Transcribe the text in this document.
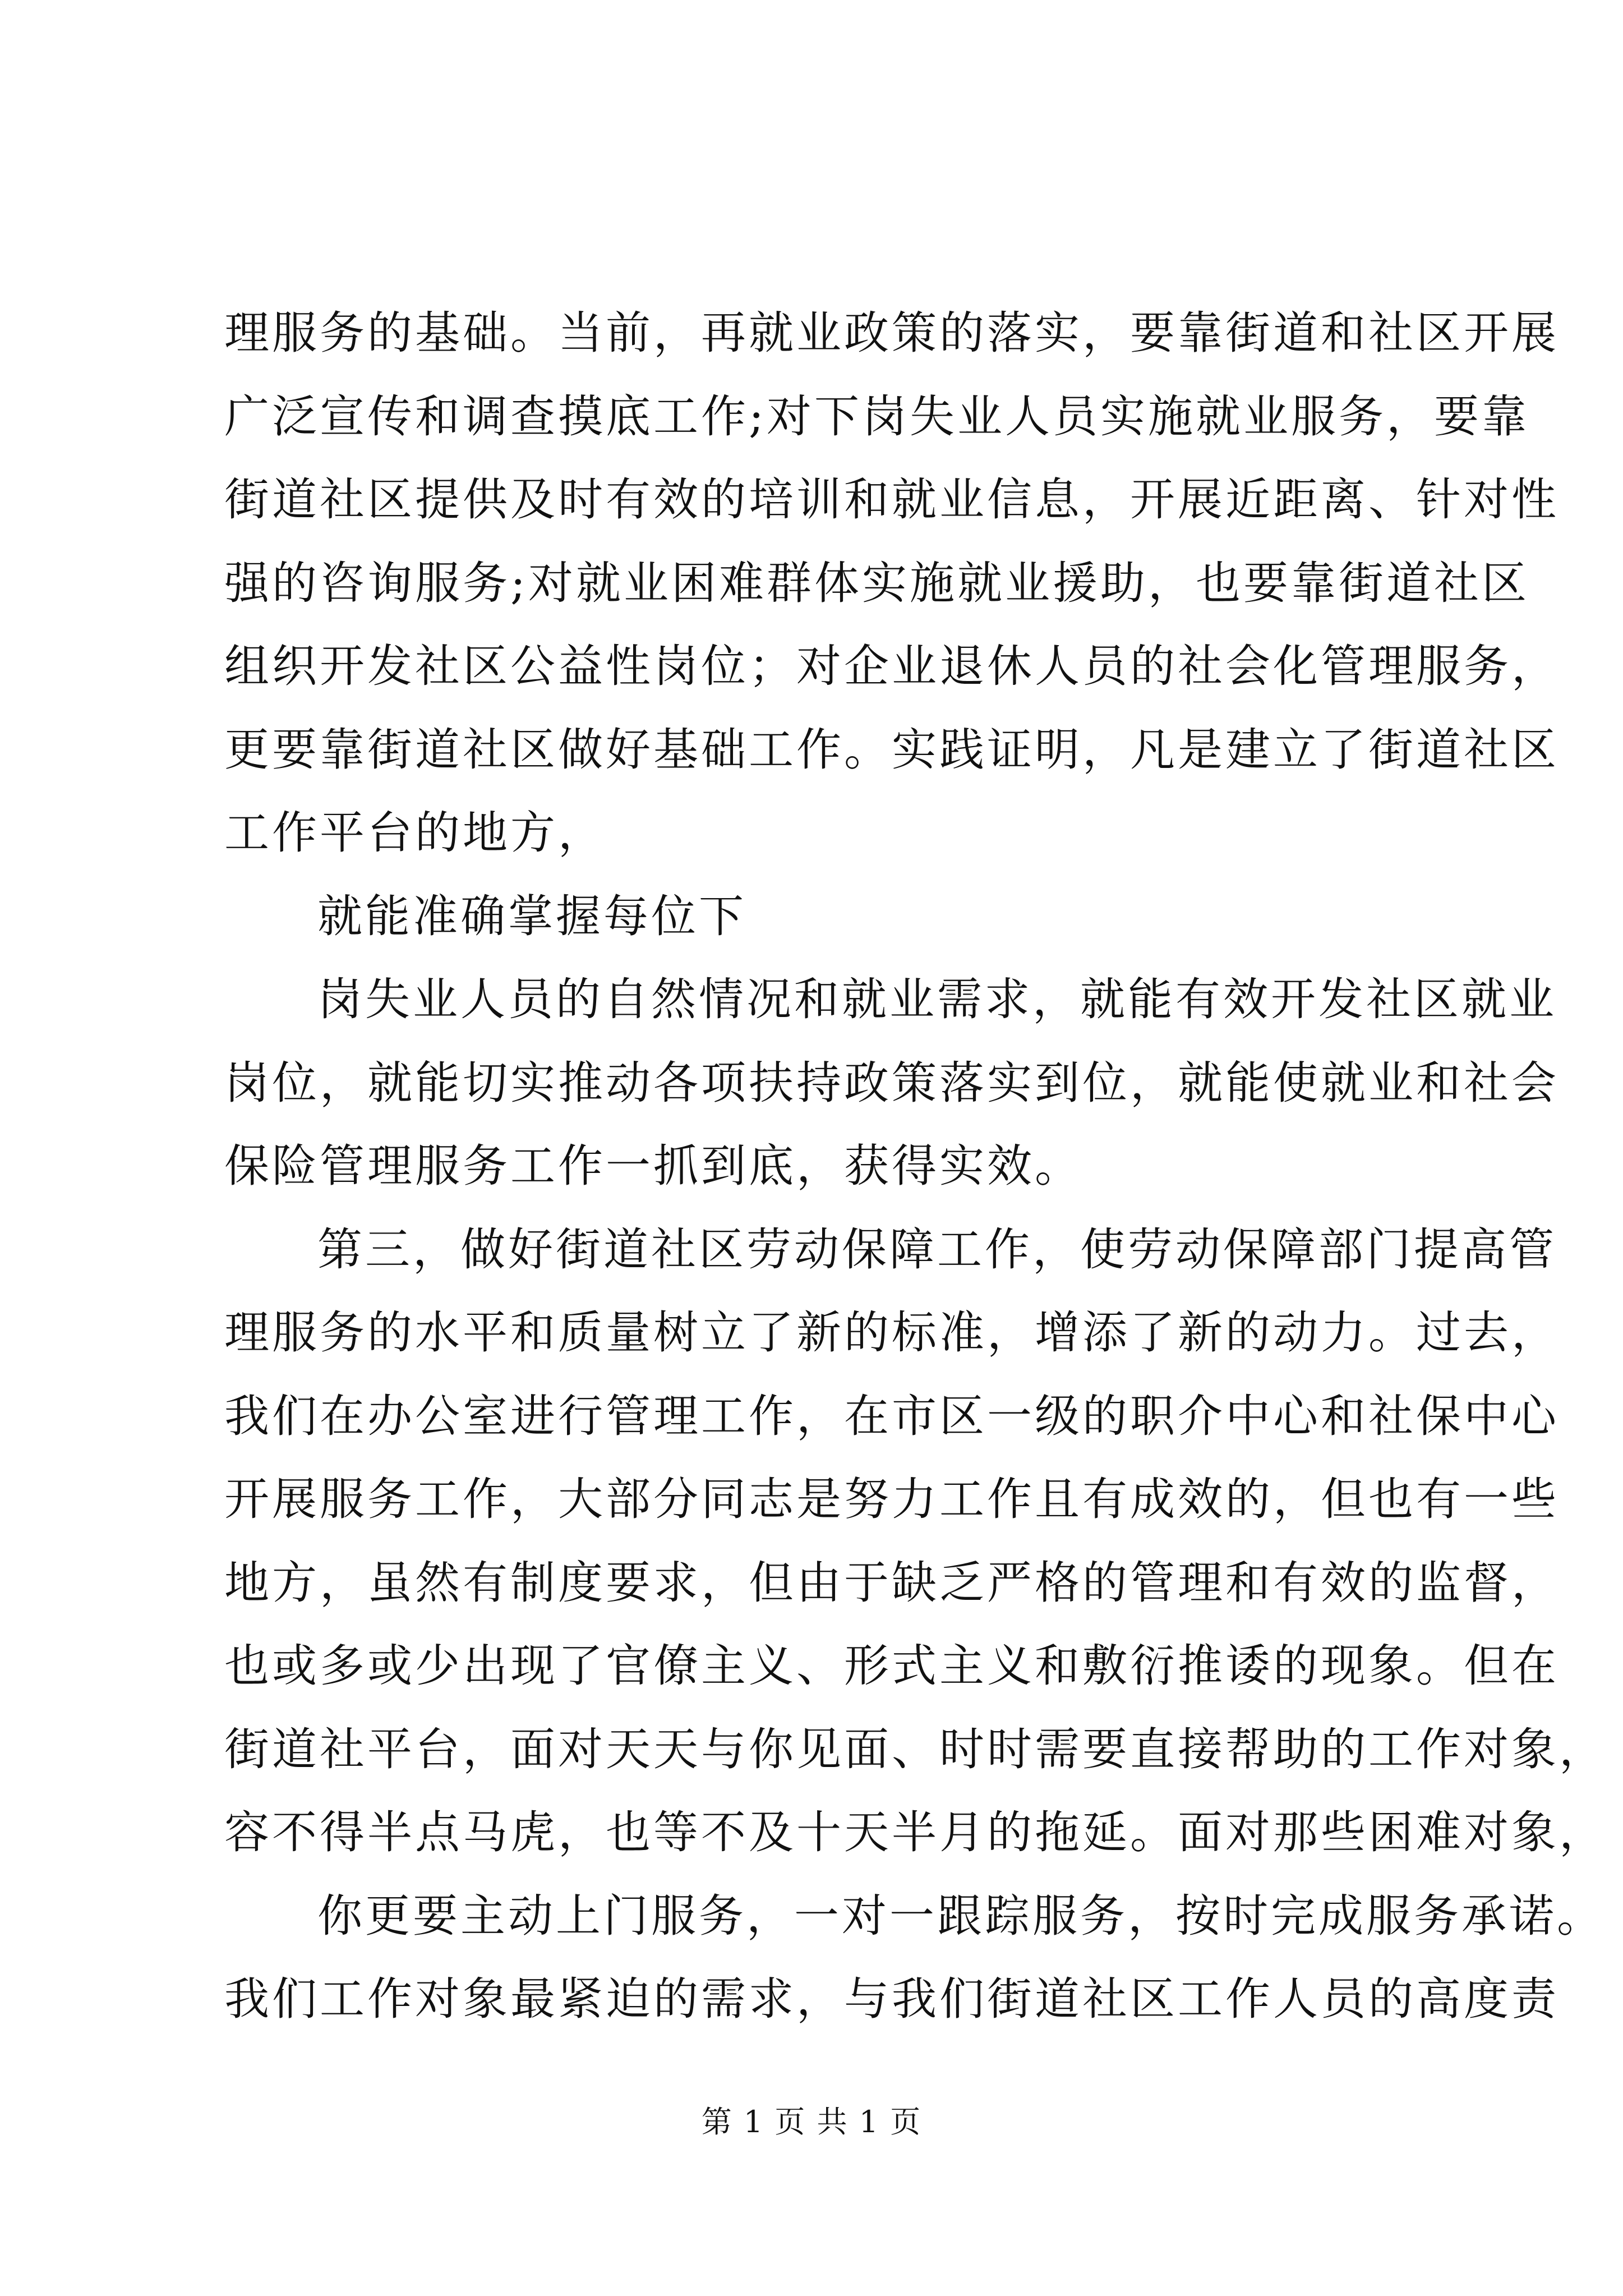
理服务的基础。当前，再就业政策的落实，要靠街道和社区开展
广泛宣传和调查摸底工作;对下岗失业人员实施就业服务，要靠
街道社区提供及时有效的培训和就业信息，开展近距离、针对性
强的咨询服务;对就业困难群体实施就业援助，也要靠街道社区
组织开发社区公益性岗位；对企业退休人员的社会化管理服务，
更要靠街道社区做好基础工作。实践证明，凡是建立了街道社区
工作平台的地方，
就能准确掌握每位下
岗失业人员的自然情况和就业需求，就能有效开发社区就业
岗位，就能切实推动各项扶持政策落实到位，就能使就业和社会
保险管理服务工作一抓到底，获得实效。
第三，做好街道社区劳动保障工作，使劳动保障部门提高管
理服务的水平和质量树立了新的标准，增添了新的动力。过去，
我们在办公室进行管理工作，在市区一级的职介中心和社保中心
开展服务工作，大部分同志是努力工作且有成效的，但也有一些
地方，虽然有制度要求，但由于缺乏严格的管理和有效的监督，
也或多或少出现了官僚主义、形式主义和敷衍推诿的现象。但在
街道社平台，面对天天与你见面、时时需要直接帮助的工作对象，
容不得半点马虎，也等不及十天半月的拖延。面对那些困难对象，
你更要主动上门服务，一对一跟踪服务，按时完成服务承诺。
我们工作对象最紧迫的需求，与我们街道社区工作人员的高度责
第 1 页 共 1 页
